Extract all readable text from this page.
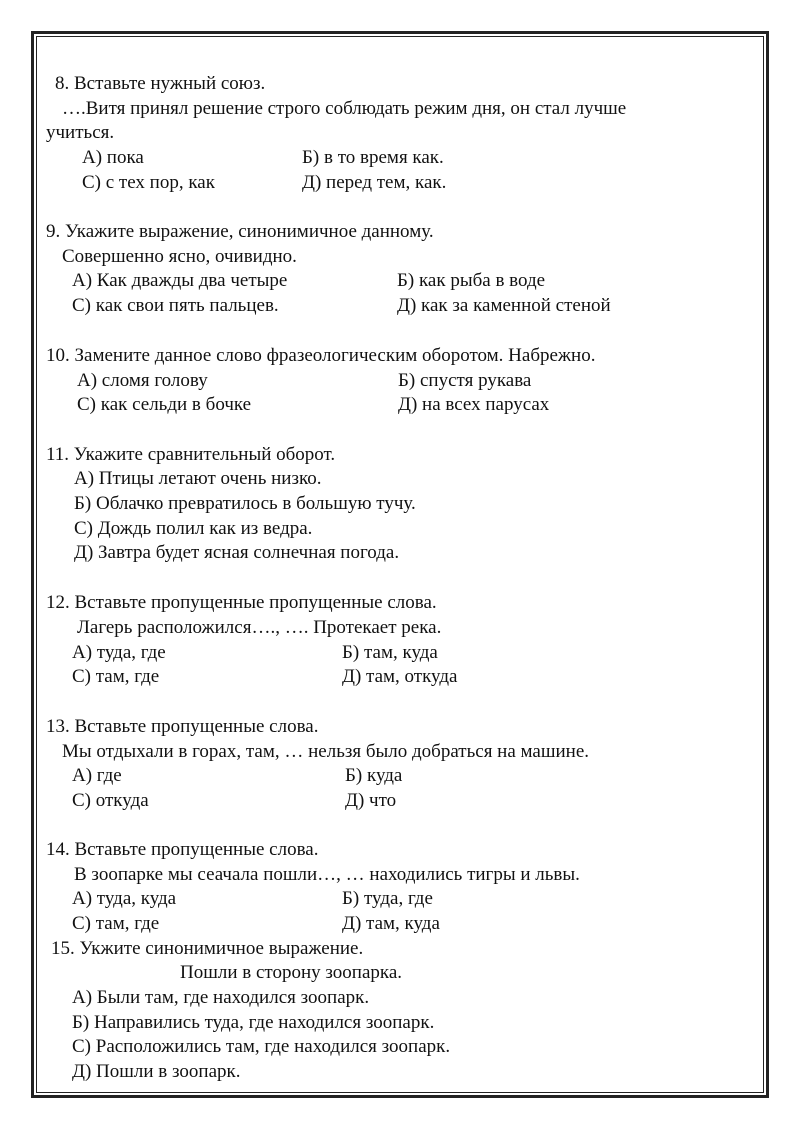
8. Вставьте нужный союз.
….Витя принял решение строго соблюдать режим дня, он стал лучше
учиться.
А) пока	Б) в то время как.
С) с тех пор, как	Д) перед тем, как.
9. Укажите выражение, синонимичное данному.
Совершенно ясно, очивидно.
А) Как дважды два четыре	Б) как рыба в воде
С) как свои пять пальцев.	Д) как за каменной стеной
10. Замените данное слово фразеологическим оборотом. Набрежно.
А) сломя голову	Б) спустя рукава
С) как сельди в бочке	Д) на всех парусах
11. Укажите сравнительный оборот.
А) Птицы летают очень низко.
Б) Облачко превратилось в большую тучу.
С) Дождь полил как из ведра.
Д) Завтра будет ясная солнечная погода.
12. Вставьте пропущенные пропущенные слова.
Лагерь расположился…., …. Протекает река.
А) туда, где	Б) там, куда
С) там, где	Д) там, откуда
13. Вставьте пропущенные слова.
Мы отдыхали в горах, там, … нельзя было добраться на машине.
А) где	Б) куда
С) откуда	Д) что
14. Вставьте пропущенные слова.
В зоопарке мы сеачала пошли…, … находились тигры и львы.
А) туда, куда	Б) туда, где
С) там, где	Д) там, куда
15. Укжите синонимичное выражение.
Пошли в сторону зоопарка.
А) Были там, где находился зоопарк.
Б) Направились туда, где находился зоопарк.
С) Расположились там, где находился зоопарк.
Д) Пошли в зоопарк.
